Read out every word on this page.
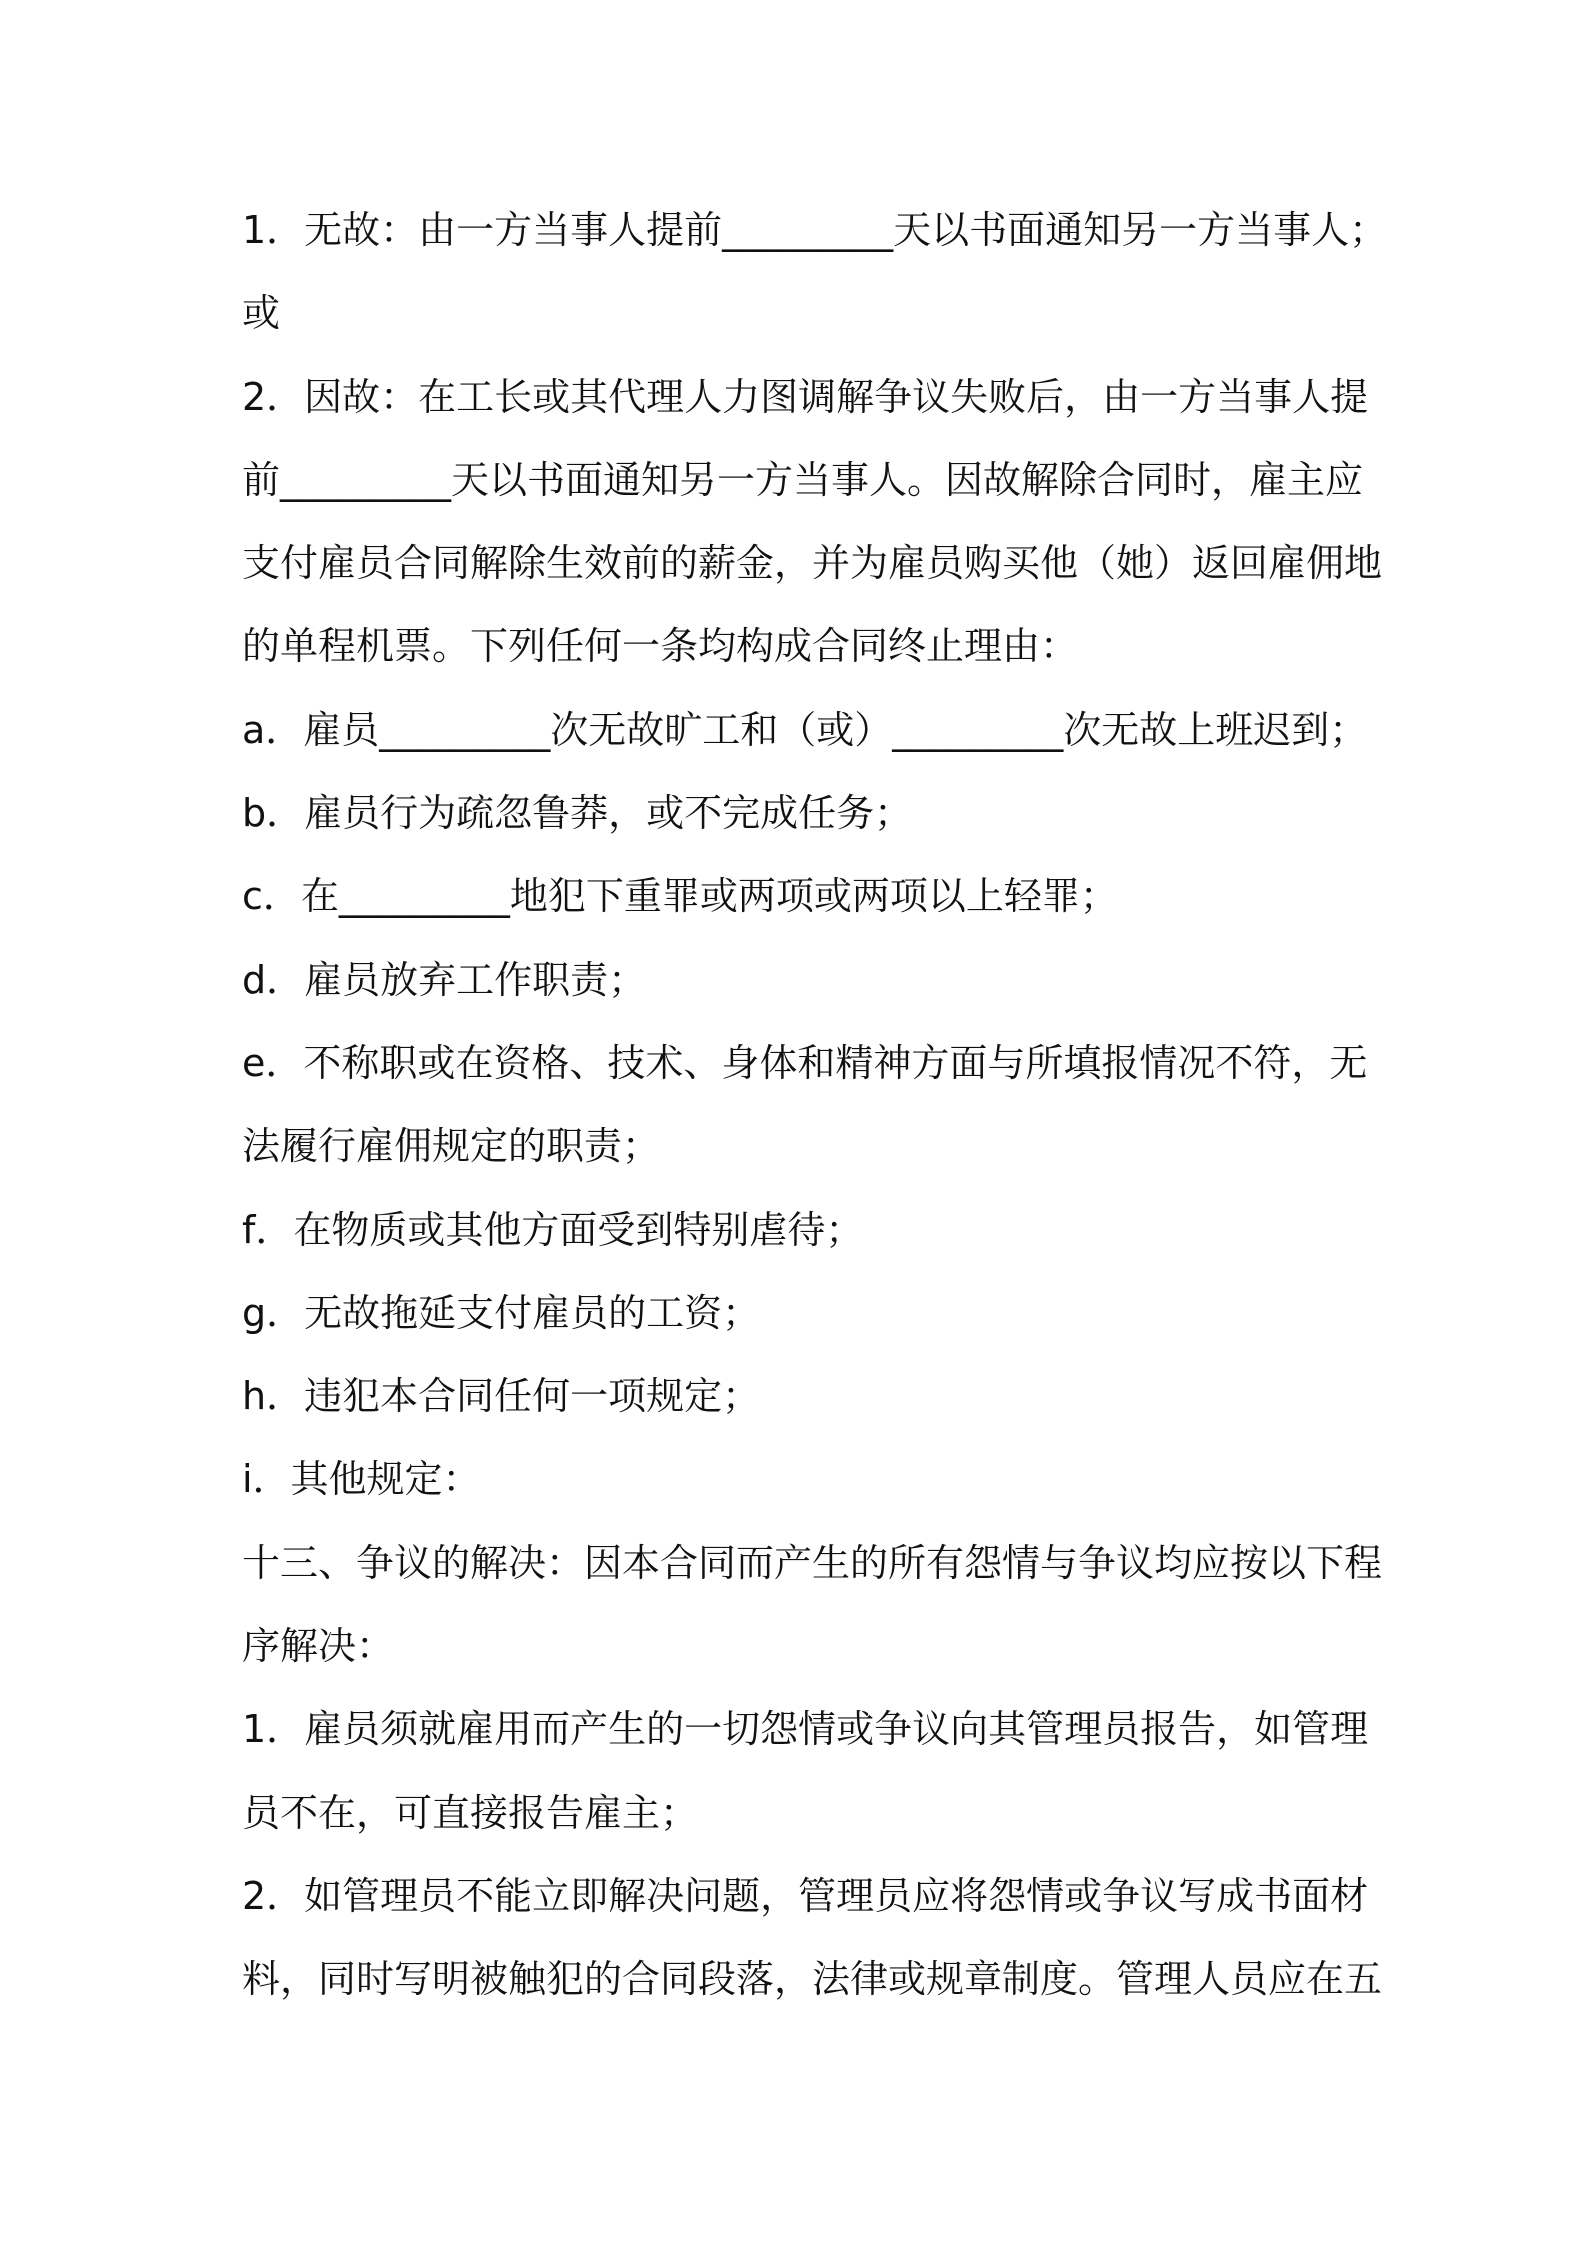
1．无故：由一方当事人提前_________天以书面通知另一方当事人；
或
2．因故：在工长或其代理人力图调解争议失败后，由一方当事人提
前_________天以书面通知另一方当事人。因故解除合同时，雇主应
支付雇员合同解除生效前的薪金，并为雇员购买他（她）返回雇佣地
的单程机票。下列任何一条均构成合同终止理由：
a．雇员_________次无故旷工和（或）_________次无故上班迟到；
b．雇员行为疏忽鲁莽，或不完成任务；
c．在_________地犯下重罪或两项或两项以上轻罪；
d．雇员放弃工作职责；
e．不称职或在资格、技术、身体和精神方面与所填报情况不符，无
法履行雇佣规定的职责；
f．在物质或其他方面受到特别虐待；
g．无故拖延支付雇员的工资；
h．违犯本合同任何一项规定；
i．其他规定：
十三、争议的解决：因本合同而产生的所有怨情与争议均应按以下程
序解决：
1．雇员须就雇用而产生的一切怨情或争议向其管理员报告，如管理
员不在，可直接报告雇主；
2．如管理员不能立即解决问题，管理员应将怨情或争议写成书面材
料，同时写明被触犯的合同段落，法律或规章制度。管理人员应在五
